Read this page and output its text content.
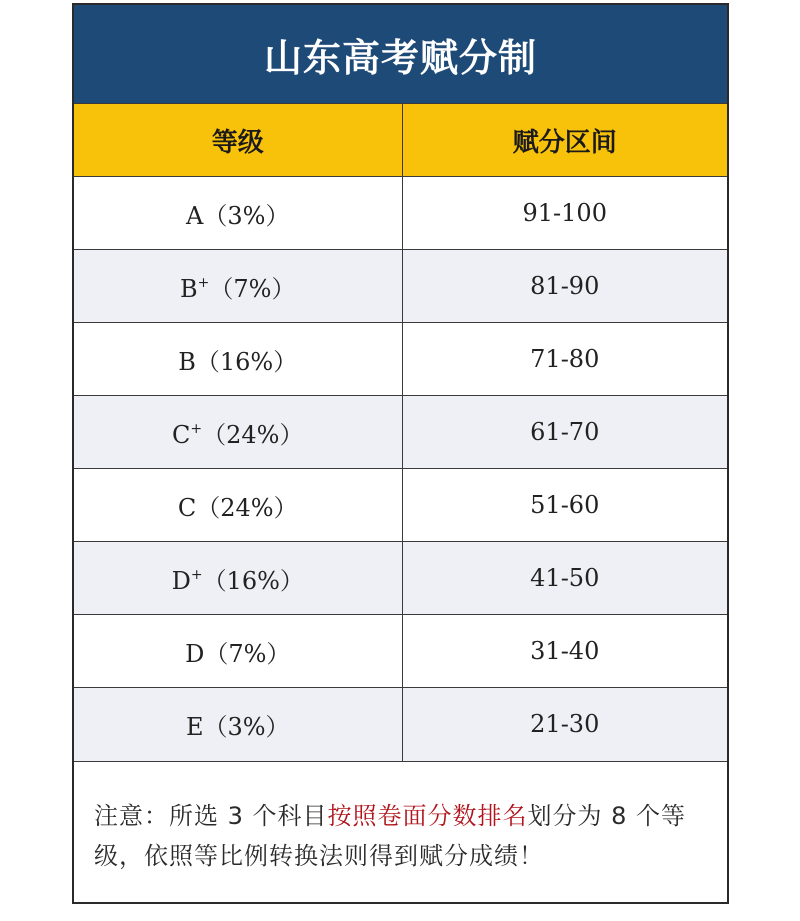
山东高考赋分制
等级	赋分区间
A（3%）	91-100
B+（7%）	81-90
B（16%）	71-80
C+（24%）	61-70
C（24%）	51-60
D+（16%）	41-50
D（7%）	31-40
E（3%）	21-30
注意：所选 3 个科目按照卷面分数排名划分为 8 个等级，依照等比例转换法则得到赋分成绩！
